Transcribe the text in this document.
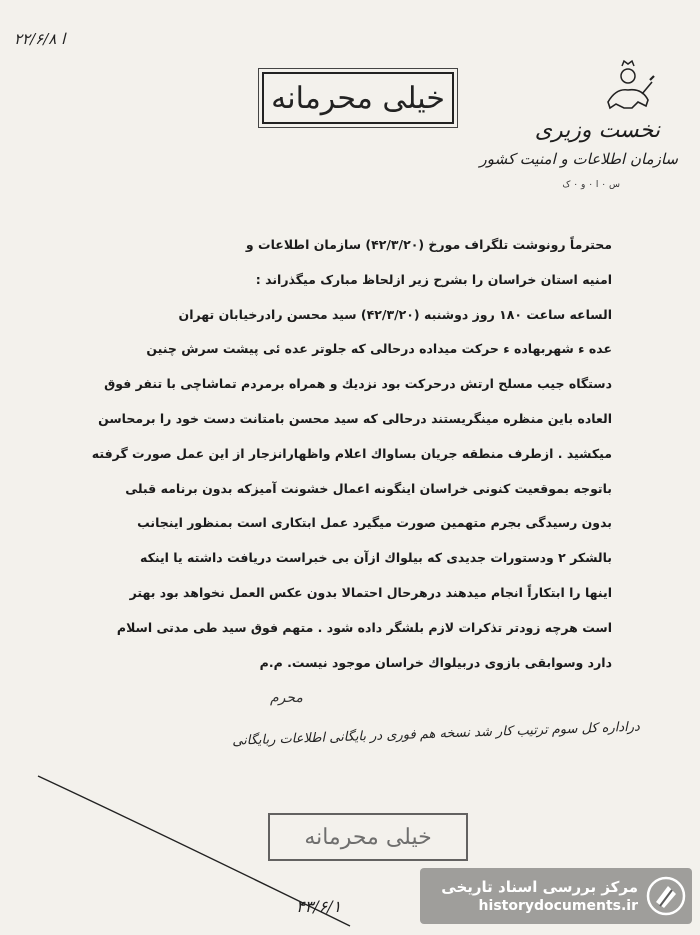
۲۲/۶/۸ ا
خیلی محرمانه
نخست وزیری
سازمان اطلاعات و امنیت کشور
س ۰ ا ۰ و ۰ ک
محترماً رونوشت تلگراف مورخ (۴۲/۳/۲۰) سازمان اطلاعات و
امنیه استان خراسان را بشرح زیر ازلحاظ مبارک میگذراند :
الساعه ساعت ۱۸۰ روز دوشنبه (۴۲/۳/۲۰) سید محسن رادرخیابان تهران
عده ء شهربهاده ء حرکت میداده درحالی که جلوتر عده ئی پیشت سرش چنین
دستگاه جیب مسلح ارتش درحرکت بود نزدیك و همراه برمردم تماشاچی با تنفر فوق
العاده باین منظره مینگریستند درحالی که سید محسن بامتانت دست خود را برمحاسن
میکشید . ازطرف منطقه جریان بساواك اعلام واظهارانزجار از این عمل صورت گرفته
باتوجه بموقعیت کنونی خراسان اینگونه اعمال خشونت آمیزکه بدون برنامه قبلی
بدون رسیدگی بجرم متهمین صورت میگیرد عمل ابتکاری است بمنظور اینجانب
بالشکر ۲ ودستورات جدیدی که بیلواك ازآن بی خبراست دریافت داشته یا اینکه
اینها را ابتکاراً انجام میدهند درهرحال احتمالا بدون عکس العمل نخواهد بود بهتر
است هرچه زودتر تذکرات لازم بلشگر داده شود . متهم فوق سید طی مدتی اسلام
دارد وسوابقی بازوی دربیلواك خراسان موجود نیست. م.م
محرم
دراداره کل سوم ترتیب کار شد نسخه هم فوری در بایگانی اطلاعات ربایگانی
خیلی محرمانه
۴۳/۶/۱
مرکز بررسی اسناد تاریخی
historydocuments.ir
